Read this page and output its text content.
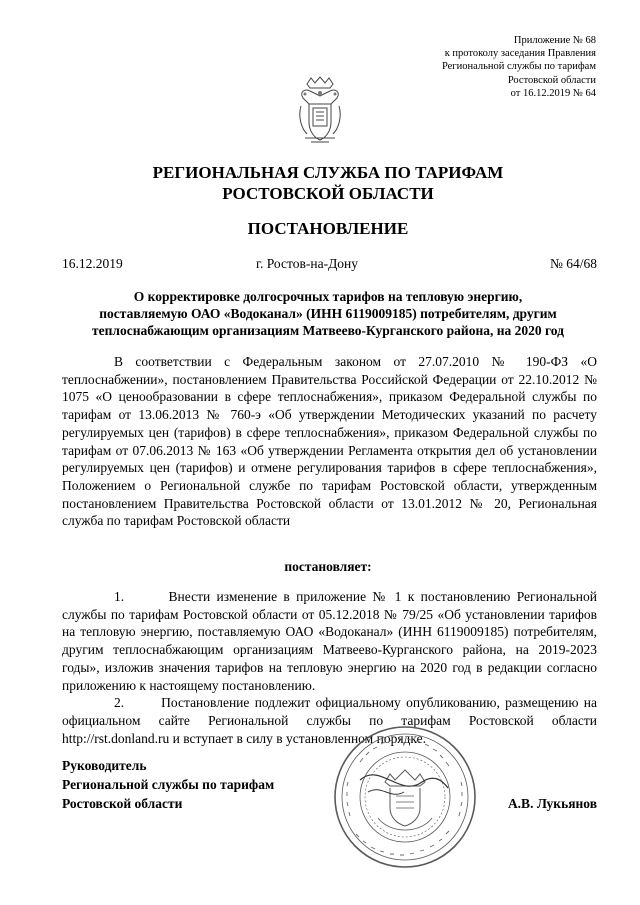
Приложение № 68
к протоколу заседания Правления
Региональной службы по тарифам
Ростовской области
от 16.12.2019 № 64
РЕГИОНАЛЬНАЯ СЛУЖБА ПО ТАРИФАМ
РОСТОВСКОЙ ОБЛАСТИ
ПОСТАНОВЛЕНИЕ
16.12.2019	г. Ростов-на-Дону	№ 64/68
О корректировке долгосрочных тарифов на тепловую энергию,
поставляемую ОАО «Водоканал» (ИНН 6119009185) потребителям, другим
теплоснабжающим организациям Матвеево-Курганского района, на 2020 год
В соответствии с Федеральным законом от 27.07.2010 № 190-ФЗ «О теплоснабжении», постановлением Правительства Российской Федерации от 22.10.2012 № 1075 «О ценообразовании в сфере теплоснабжения», приказом Федеральной службы по тарифам от 13.06.2013 № 760-э «Об утверждении Методических указаний по расчету регулируемых цен (тарифов) в сфере теплоснабжения», приказом Федеральной службы по тарифам от 07.06.2013 № 163 «Об утверждении Регламента открытия дел об установлении регулируемых цен (тарифов) и отмене регулирования тарифов в сфере теплоснабжения», Положением о Региональной службе по тарифам Ростовской области, утвержденным постановлением Правительства Ростовской области от 13.01.2012 № 20, Региональная служба по тарифам Ростовской области
постановляет:
1.	Внести изменение в приложение № 1 к постановлению Региональной службы по тарифам Ростовской области от 05.12.2018 № 79/25 «Об установлении тарифов на тепловую энергию, поставляемую ОАО «Водоканал» (ИНН 6119009185) потребителям, другим теплоснабжающим организациям Матвеево-Курганского района, на 2019-2023 годы», изложив значения тарифов на тепловую энергию на 2020 год в редакции согласно приложению к настоящему постановлению.
2.	Постановление подлежит официальному опубликованию, размещению на официальном сайте Региональной службы по тарифам Ростовской области http://rst.donland.ru и вступает в силу в установленном порядке.
Руководитель
Региональной службы по тарифам
Ростовской области	А.В. Лукьянов
